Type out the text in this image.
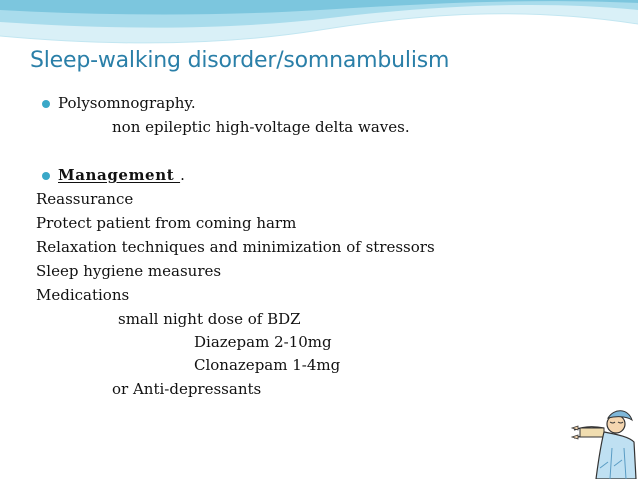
Sleep-walking disorder/somnambulism
Polysomnography.
non epileptic high-voltage delta waves.
Management .
Reassurance
Protect patient from coming harm
Relaxation techniques and minimization of stressors
Sleep hygiene measures
Medications
small night dose of BDZ
Diazepam 2-10mg
Clonazepam 1-4mg
or Anti-depressants
